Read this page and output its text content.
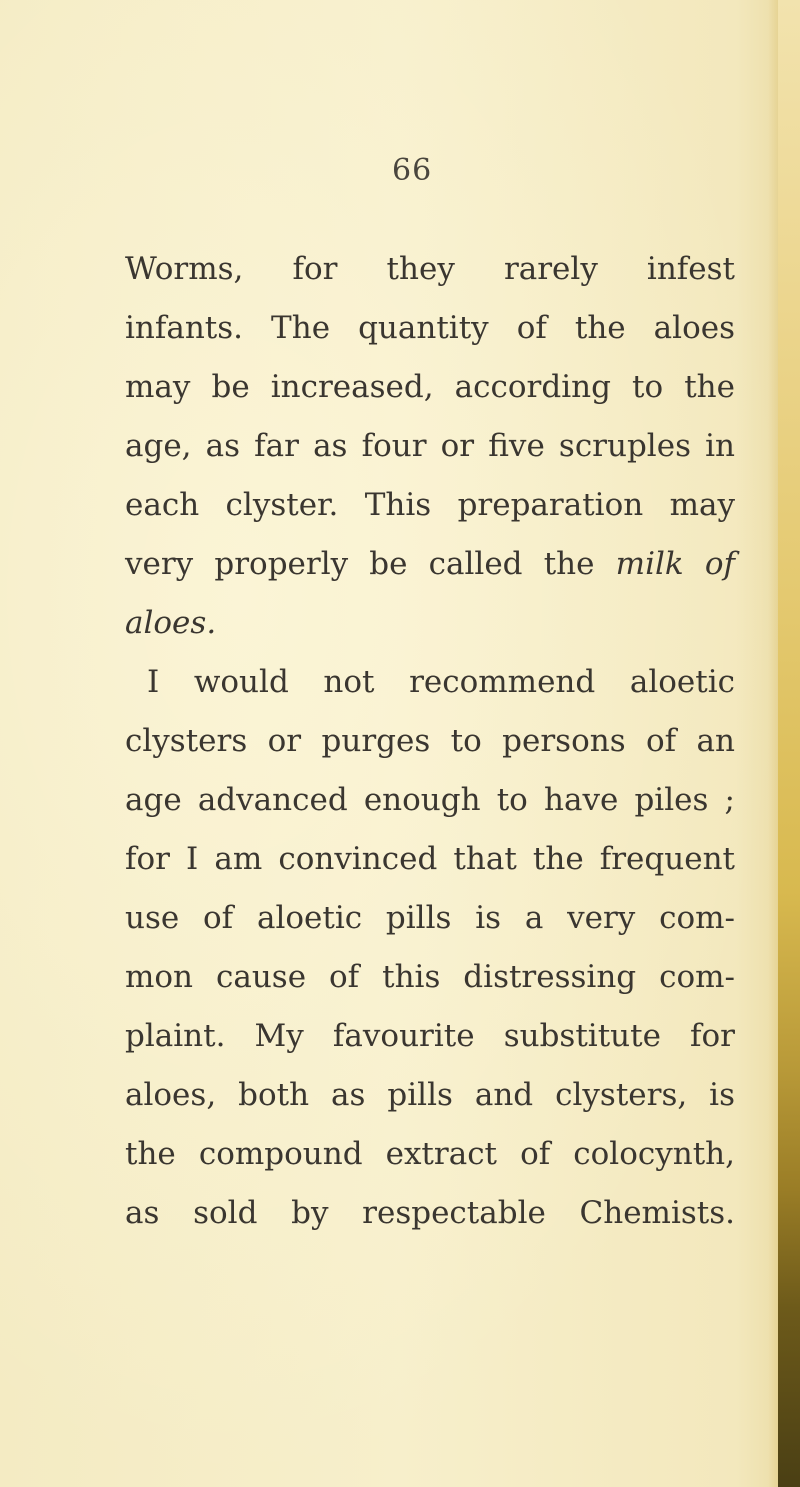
66
Worms, for they rarely infest
infants. The quantity of the aloes
may be increased, according to the
age, as far as four or five scruples in
each clyster. This preparation may
very properly be called the milk of
aloes.
I would not recommend aloetic
clysters or purges to persons of an
age advanced enough to have piles ;
for I am convinced that the frequent
use of aloetic pills is a very com-
mon cause of this distressing com-
plaint. My favourite substitute for
aloes, both as pills and clysters, is
the compound extract of colocynth,
as sold by respectable Chemists.
